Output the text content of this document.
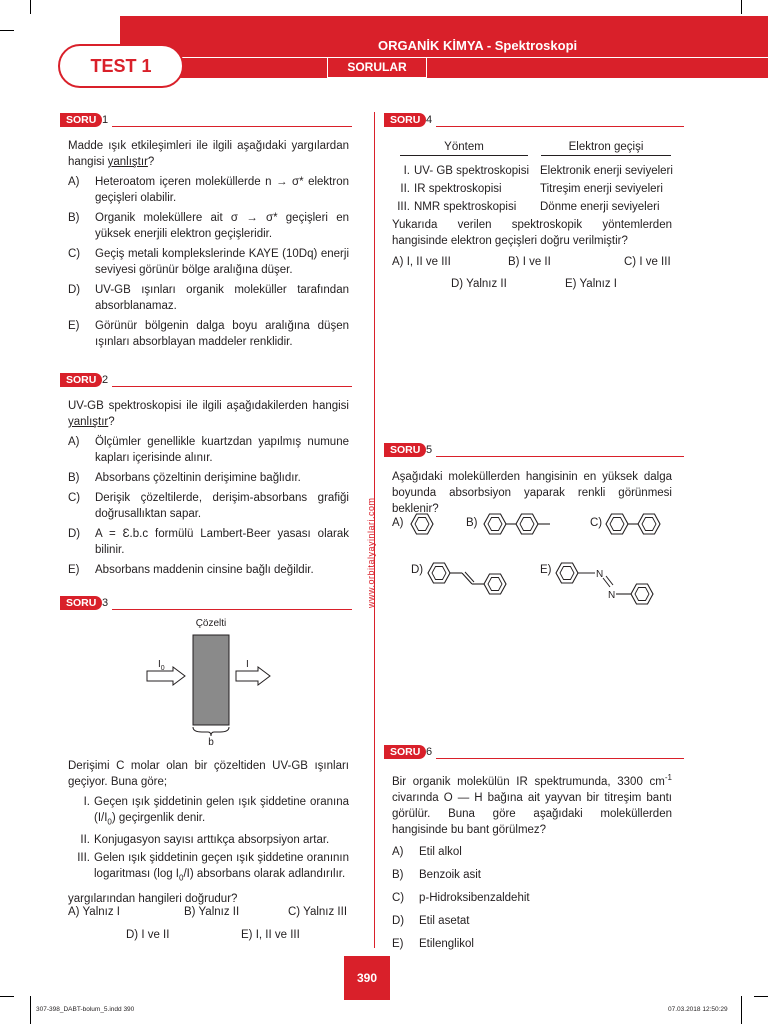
SORULAR
TEST 1
www.orbitalyayinlari.com
SORU 1
Madde ışık etkileşimleri ile ilgili aşağıdaki yargılardan hangisi yanlıştır?
A) Heteroatom içeren moleküllerde n → σ* elektron geçişleri olabilir.
B) Organik moleküllere ait σ → σ* geçişleri en yüksek enerjili elektron geçişleridir.
C) Geçiş metali komplekslerinde KAYE (10Dq) enerji seviyesi görünür bölge aralığına düşer.
D) UV-GB ışınları organik moleküller tarafından absorblanamaz.
E) Görünür bölgenin dalga boyu aralığına düşen ışınları absorblayan maddeler renklidir.
SORU 2
UV-GB spektroskopisi ile ilgili aşağıdakilerden hangisi yanlıştır?
A) Ölçümler genellikle kuartzdan yapılmış numune kapları içerisinde alınır.
B) Absorbans çözeltinin derişimine bağlıdır.
C) Derişik çözeltilerde, derişim-absorbans grafiği doğrusallıktan sapar.
D) A = Ɛ.b.c formülü Lambert-Beer yasası olarak bilinir.
E) Absorbans maddenin cinsine bağlı değildir.
SORU 3
Çözelti
$I_0$	I
b
Derişimi C molar olan bir çözeltiden UV-GB ışınları geçiyor. Buna göre;
I. Geçen ışık şiddetinin gelen ışık şiddetine oranına $(I/I_0)$ geçirgenlik denir.
II. Konjugasyon sayısı arttıkça absorpsiyon artar.
III. Gelen ışık şiddetinin geçen ışık şiddetine oranının logaritması (log $I_0/I$) absorbans olarak adlandırılır.
yargılarından hangileri doğrudur?
A) Yalnız I	B) Yalnız II	C) Yalnız III
D) I ve II	E) I, II ve III
SORU 4
Yöntem	Elektron geçişi
I. UV- GB spektroskopisi Elektronik enerji seviyeleri
II. IR spektroskopisi	Titreşim enerji seviyeleri
III. NMR spektroskopisi Dönme enerji seviyeleri
Yukarıda verilen spektroskopik yöntemlerden hangisinde elektron geçişleri doğru verilmiştir?
A) I, II ve III	B) I ve II	C) I ve III
D) Yalnız II	E) Yalnız I
SORU 5
Aşağıdaki moleküllerden hangisinin en yüksek dalga boyunda absorbsiyon yaparak renkli görünmesi beklenir?
A)	B)	C)
D)	E)	N
N
SORU 6
Bir organik molekülün IR spektrumunda, 3300 $cm^{-1}$ civarında O — H bağına ait yayvan bir titreşim bantı görülür. Buna göre aşağıdaki moleküllerden hangisinde bu bant görülmez?
A) Etil alkol
B) Benzoik asit
C) p-Hidroksibenzaldehit
D) Etil asetat
E) Etilenglikol
390
307-398_DABT-bolum_5.indd 390	07.03.2018 12:50:29
